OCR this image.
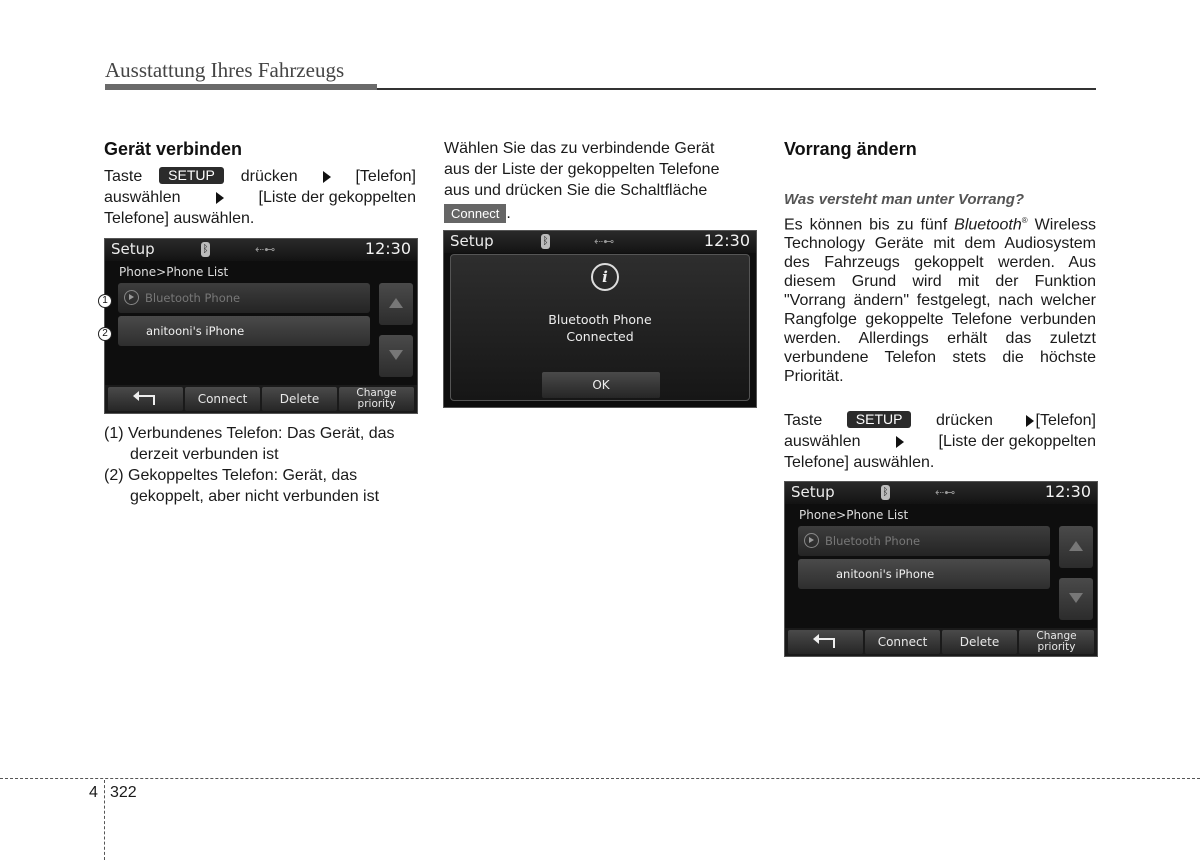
Ausstattung Ihres Fahrzeugs
Gerät verbinden
Taste	SETUP	drücken	[Telefon]
auswählen	[Liste der gekoppelten
Telefone] auswählen.
Setup	ᛒ	⇠⊷	12:30
Phone>Phone List
Bluetooth Phone
anitooni's iPhone
Connect	Delete	Change
priority
1
2
(1) Verbundenes Telefon: Das Gerät, das
derzeit verbunden ist
(2) Gekoppeltes Telefon: Gerät, das
gekoppelt, aber nicht verbunden ist
Wählen Sie das zu verbindende Gerät
aus der Liste der gekoppelten Telefone
aus und drücken Sie die Schaltfläche
Connect .
Setup	ᛒ	⇠⊷	12:30
i
Bluetooth Phone
Connected
OK
Vorrang ändern
Was versteht man unter Vorrang?
Es können bis zu fünf Bluetooth® Wireless Technology Geräte mit dem Audiosystem des Fahrzeugs gekoppelt werden. Aus diesem Grund wird mit der Funktion "Vorrang ändern" festgelegt, nach welcher Rangfolge gekoppelte Telefone verbunden werden. Allerdings erhält das zuletzt verbundene Telefon stets die höchste Priorität.
Taste	SETUP	drücken	[Telefon]
auswählen	[Liste der gekoppelten
Telefone] auswählen.
Setup	ᛒ	⇠⊷	12:30
Phone>Phone List
Bluetooth Phone
anitooni's iPhone
Connect	Delete	Change
priority
4 322
